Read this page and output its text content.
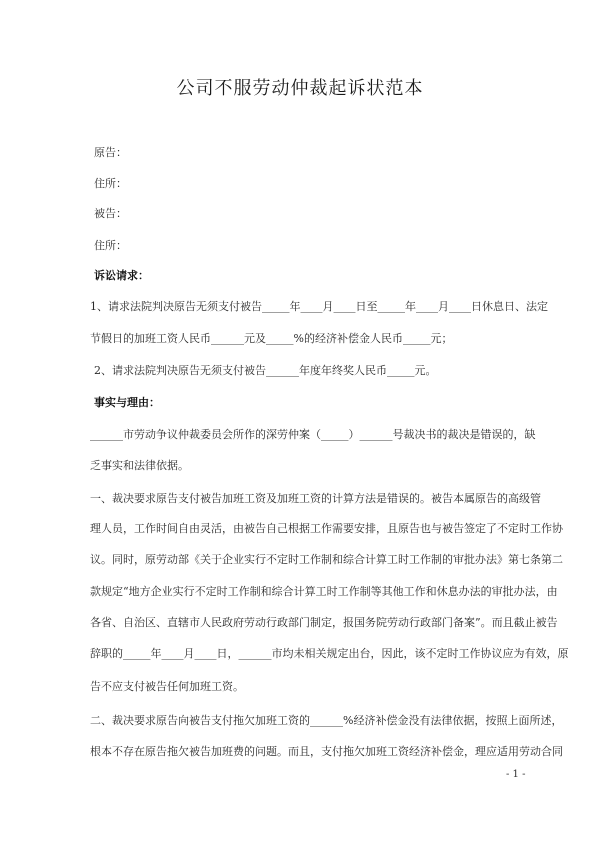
公司不服劳动仲裁起诉状范本
原告：
住所：
被告：
住所：
诉讼请求：
1、请求法院判决原告无须支付被告_____年____月____日至_____年____月____日休息日、法定
节假日的加班工资人民币______元及_____%的经济补偿金人民币_____元；
2、请求法院判决原告无须支付被告______年度年终奖人民币_____元。
事实与理由：
______市劳动争议仲裁委员会所作的深劳仲案（_____）______号裁决书的裁决是错误的，缺
乏事实和法律依据。
一、裁决要求原告支付被告加班工资及加班工资的计算方法是错误的。被告本属原告的高级管
理人员，工作时间自由灵活，由被告自己根据工作需要安排，且原告也与被告签定了不定时工作协
议。同时，原劳动部《关于企业实行不定时工作制和综合计算工时工作制的审批办法》第七条第二
款规定“地方企业实行不定时工作制和综合计算工时工作制等其他工作和休息办法的审批办法，由
各省、自治区、直辖市人民政府劳动行政部门制定，报国务院劳动行政部门备案”。而且截止被告
辞职的_____年____月____日，______市均未相关规定出台，因此，该不定时工作协议应为有效，原
告不应支付被告任何加班工资。
二、裁决要求原告向被告支付拖欠加班工资的______%经济补偿金没有法律依据，按照上面所述，
根本不存在原告拖欠被告加班费的问题。而且，支付拖欠加班工资经济补偿金，理应适用劳动合同
- 1 -
